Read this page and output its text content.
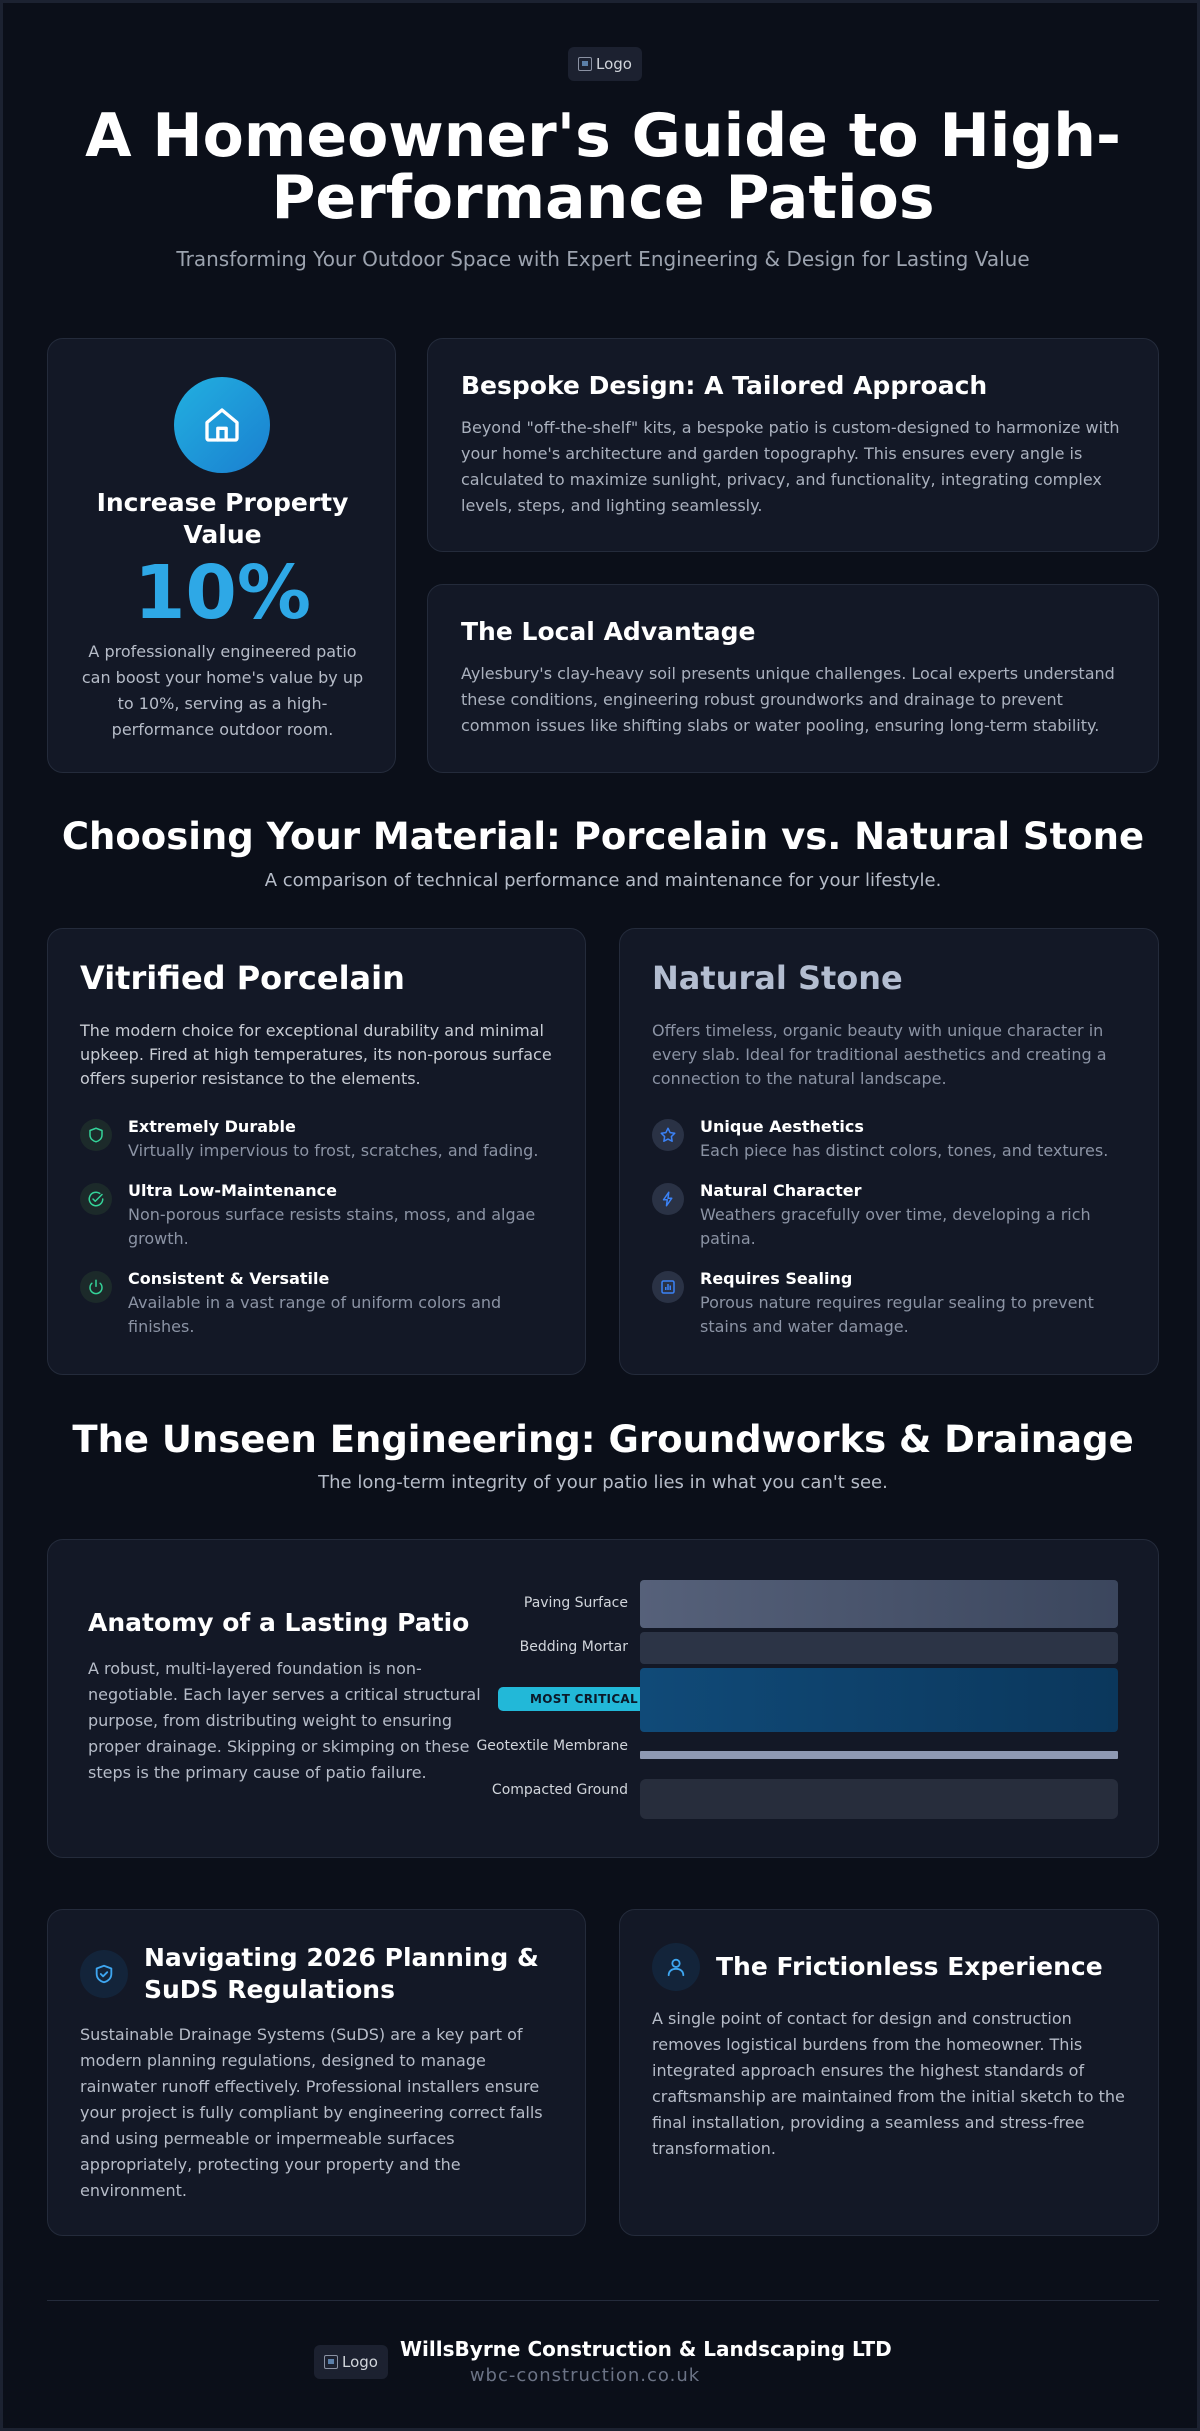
Logo
A Homeowner's Guide to High-Performance Patios

Transforming Your Outdoor Space with Expert Engineering & Design for Lasting Value

Increase Property Value
10%
A professionally engineered patio can boost your home's value by up to 10%, serving as a high-performance outdoor room.
Bespoke Design: A Tailored Approach
Beyond "off-the-shelf" kits, a bespoke patio is custom-designed to harmonize with your home's architecture and garden topography. This ensures every angle is calculated to maximize sunlight, privacy, and functionality, integrating complex levels, steps, and lighting seamlessly.
The Local Advantage
Aylesbury's clay-heavy soil presents unique challenges. Local experts understand these conditions, engineering robust groundworks and drainage to prevent common issues like shifting slabs or water pooling, ensuring long-term stability.
Choosing Your Material: Porcelain vs. Natural Stone

A comparison of technical performance and maintenance for your lifestyle.

Vitrified Porcelain
The modern choice for exceptional durability and minimal upkeep. Fired at high temperatures, its non-porous surface offers superior resistance to the elements.
Extremely Durable
Virtually impervious to frost, scratches, and fading.
Ultra Low-Maintenance
Non-porous surface resists stains, moss, and algae growth.
Consistent & Versatile
Available in a vast range of uniform colors and finishes.
Natural Stone
Offers timeless, organic beauty with unique character in every slab. Ideal for traditional aesthetics and creating a connection to the natural landscape.
Unique Aesthetics
Each piece has distinct colors, tones, and textures.
Natural Character
Weathers gracefully over time, developing a rich patina.
Requires Sealing
Porous nature requires regular sealing to prevent stains and water damage.
The Unseen Engineering: Groundworks & Drainage

The long-term integrity of your patio lies in what you can't see.

Anatomy of a Lasting Patio
A robust, multi-layered foundation is non-negotiable. Each layer serves a critical structural purpose, from distributing weight to ensuring proper drainage. Skipping or skimping on these steps is the primary cause of patio failure.
Paving Surface
Bedding Mortar
MOST CRITICAL
Geotextile Membrane
Compacted Ground
Navigating 2026 Planning & SuDS Regulations
Sustainable Drainage Systems (SuDS) are a key part of modern planning regulations, designed to manage rainwater runoff effectively. Professional installers ensure your project is fully compliant by engineering correct falls and using permeable or impermeable surfaces appropriately, protecting your property and the environment.
The Frictionless Experience
A single point of contact for design and construction removes logistical burdens from the homeowner. This integrated approach ensures the highest standards of craftsmanship are maintained from the initial sketch to the final installation, providing a seamless and stress-free transformation.
Logo
WillsByrne Construction & Landscaping LTD
wbc-construction.co.uk
